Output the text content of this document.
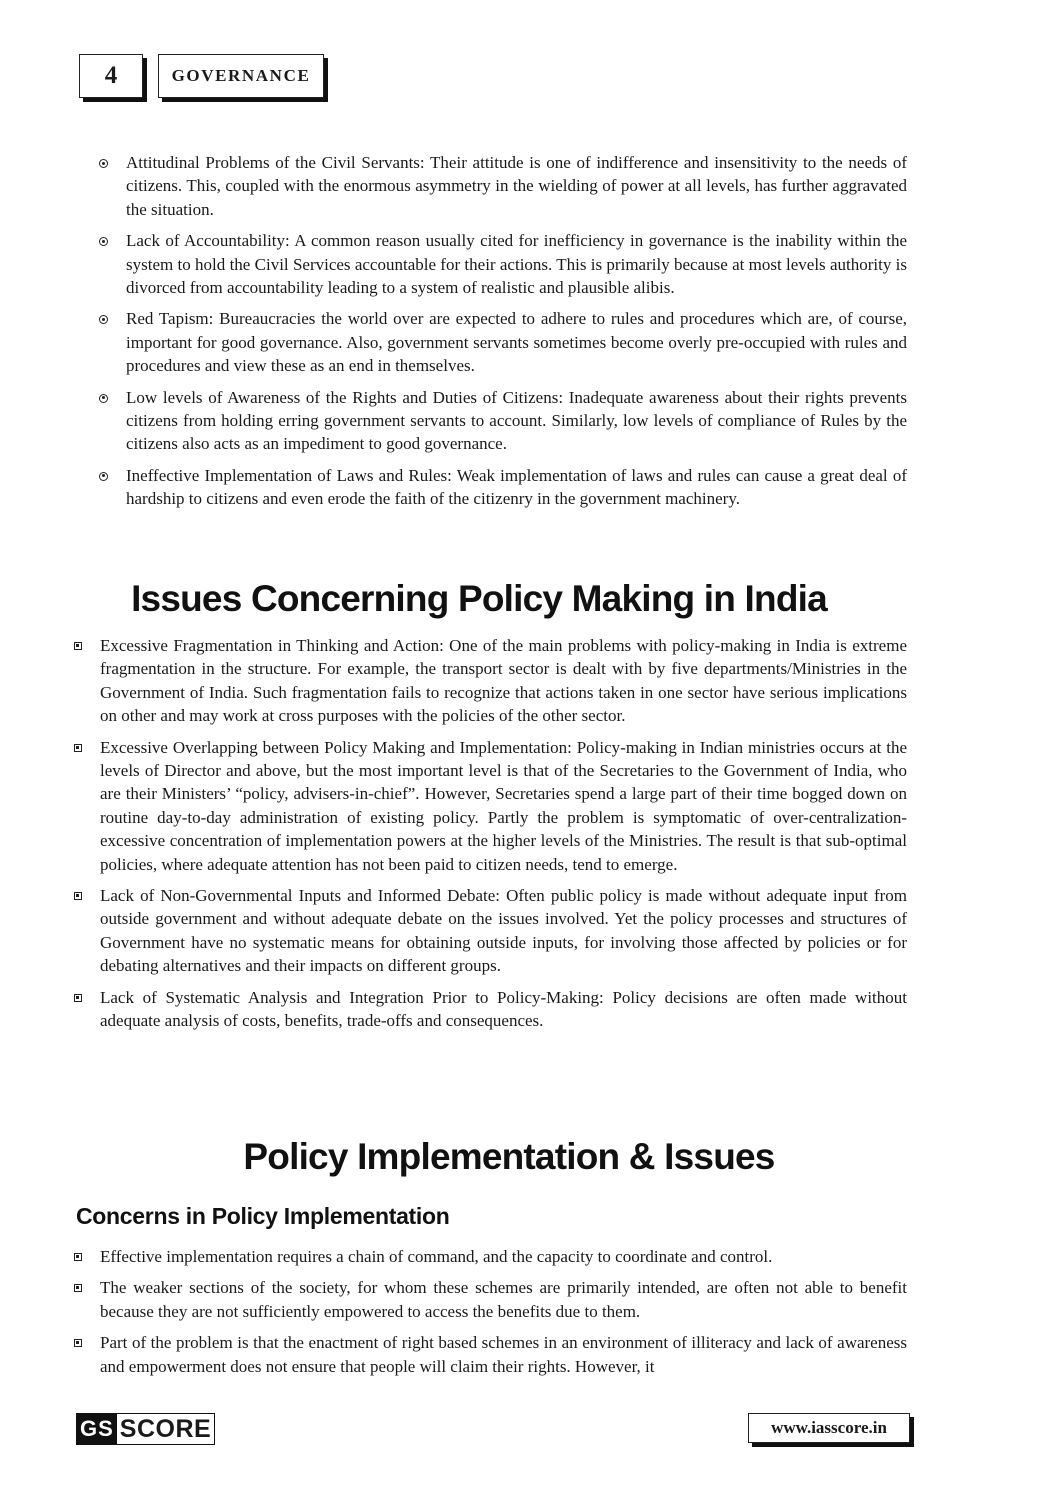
4	GOVERNANCE
Attitudinal Problems of the Civil Servants: Their attitude is one of indifference and insensitivity to the needs of citizens. This, coupled with the enormous asymmetry in the wielding of power at all levels, has further aggravated the situation.
Lack of Accountability: A common reason usually cited for inefficiency in governance is the inability within the system to hold the Civil Services accountable for their actions. This is primarily because at most levels authority is divorced from accountability leading to a system of realistic and plausible alibis.
Red Tapism: Bureaucracies the world over are expected to adhere to rules and procedures which are, of course, important for good governance. Also, government servants sometimes become overly pre-occupied with rules and procedures and view these as an end in themselves.
Low levels of Awareness of the Rights and Duties of Citizens: Inadequate awareness about their rights prevents citizens from holding erring government servants to account. Similarly, low levels of compliance of Rules by the citizens also acts as an impediment to good governance.
Ineffective Implementation of Laws and Rules: Weak implementation of laws and rules can cause a great deal of hardship to citizens and even erode the faith of the citizenry in the government machinery.
Issues Concerning Policy Making in India
Excessive Fragmentation in Thinking and Action: One of the main problems with policy-making in India is extreme fragmentation in the structure. For example, the transport sector is dealt with by five departments/Ministries in the Government of India. Such fragmentation fails to recognize that actions taken in one sector have serious implications on other and may work at cross purposes with the policies of the other sector.
Excessive Overlapping between Policy Making and Implementation: Policy-making in Indian ministries occurs at the levels of Director and above, but the most important level is that of the Secretaries to the Government of India, who are their Ministers’ “policy, advisers-in-chief”. However, Secretaries spend a large part of their time bogged down on routine day-to-day administration of existing policy. Partly the problem is symptomatic of over-centralization-excessive concentration of implementation powers at the higher levels of the Ministries. The result is that sub-optimal policies, where adequate attention has not been paid to citizen needs, tend to emerge.
Lack of Non-Governmental Inputs and Informed Debate: Often public policy is made without adequate input from outside government and without adequate debate on the issues involved. Yet the policy processes and structures of Government have no systematic means for obtaining outside inputs, for involving those affected by policies or for debating alternatives and their impacts on different groups.
Lack of Systematic Analysis and Integration Prior to Policy-Making: Policy decisions are often made without adequate analysis of costs, benefits, trade-offs and consequences.
Policy Implementation & Issues
Concerns in Policy Implementation
Effective implementation requires a chain of command, and the capacity to coordinate and control.
The weaker sections of the society, for whom these schemes are primarily intended, are often not able to benefit because they are not sufficiently empowered to access the benefits due to them.
Part of the problem is that the enactment of right based schemes in an environment of illiteracy and lack of awareness and empowerment does not ensure that people will claim their rights. However, it
GS SCORE	www.iasscore.in
